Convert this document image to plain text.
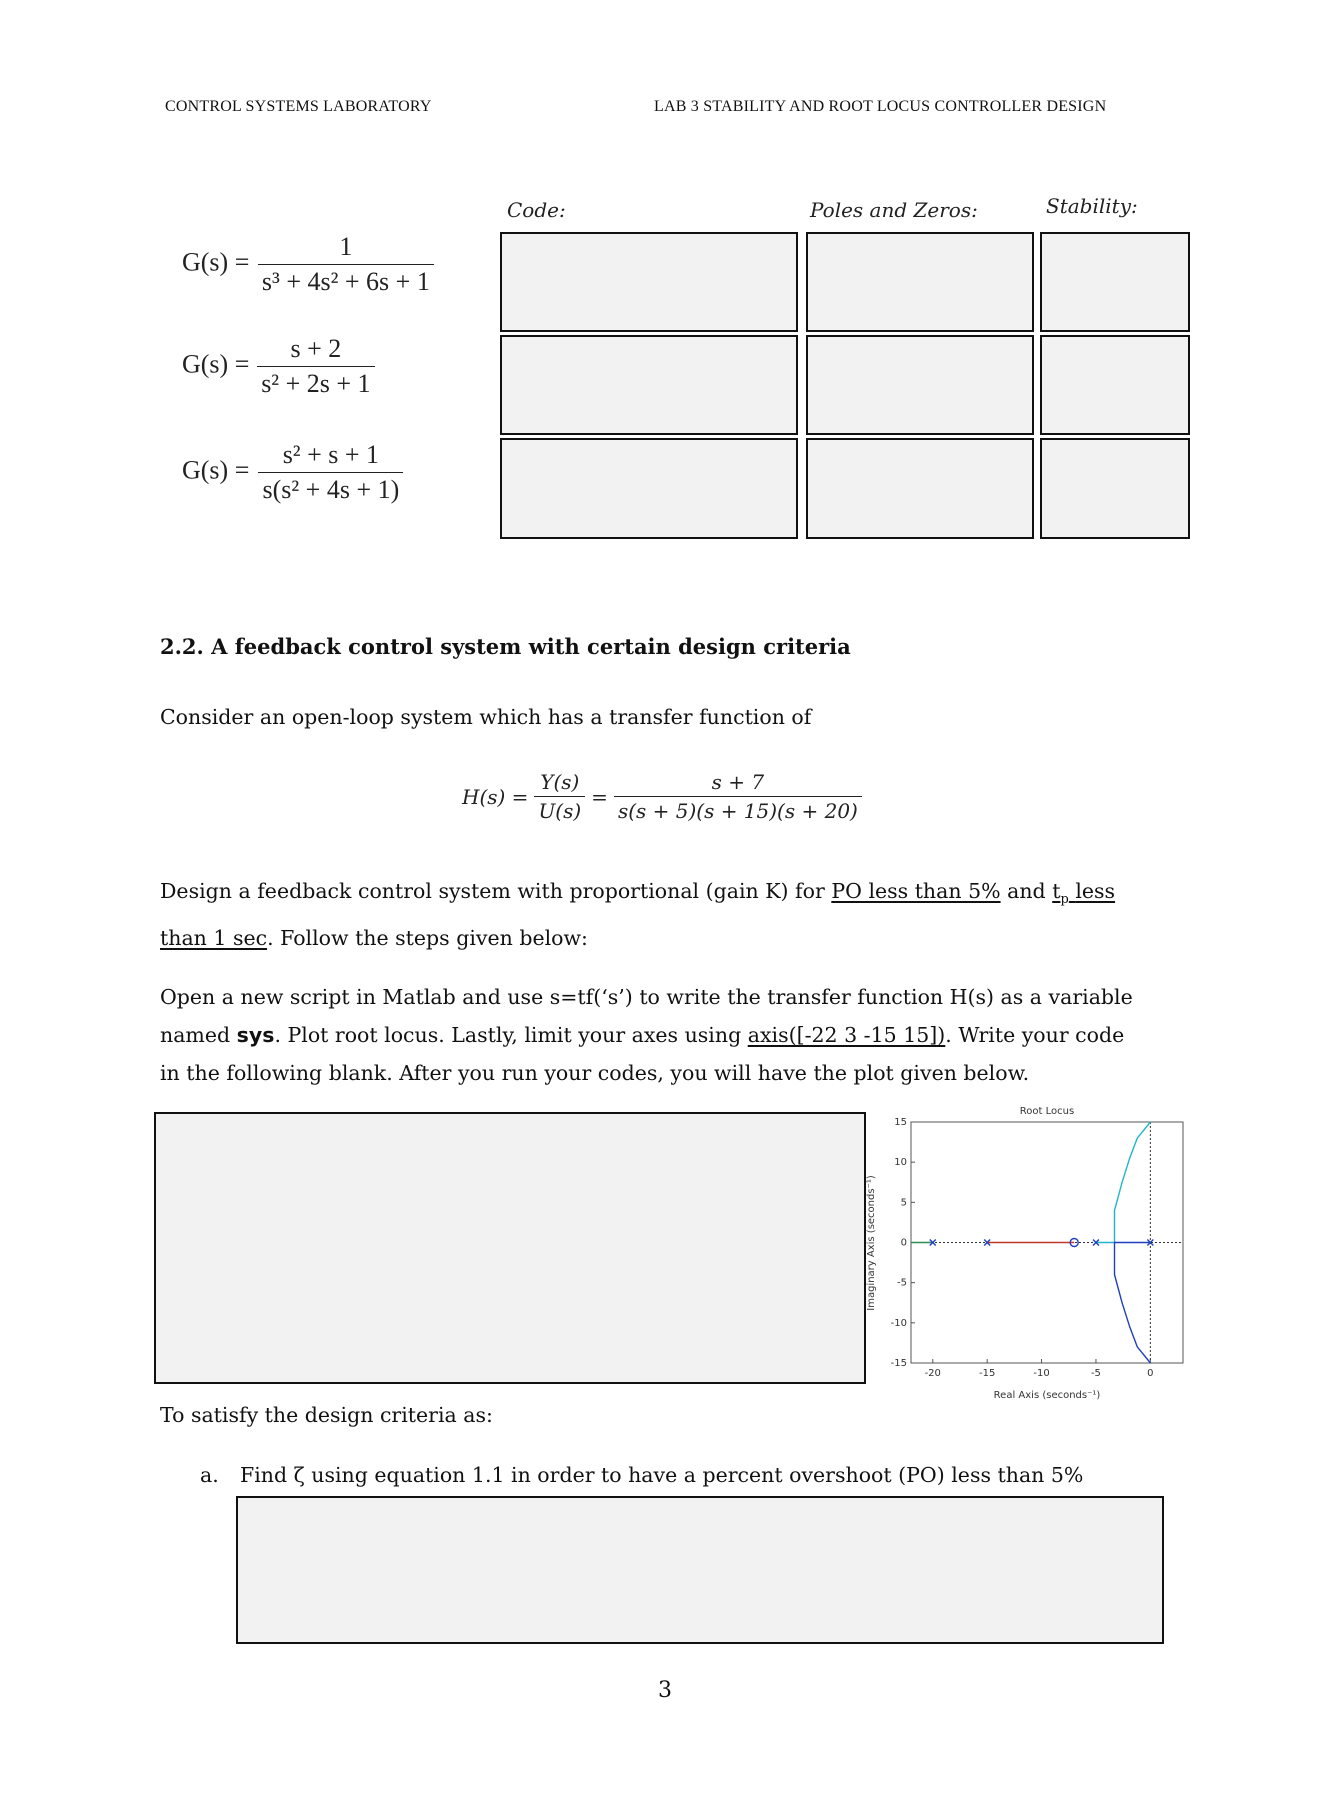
CONTROL SYSTEMS LABORATORY	LAB 3 STABILITY AND ROOT LOCUS CONTROLLER DESIGN
Code:	Poles and Zeros:	Stability:
$G(s) = \frac{1}{\text{s³ + 4s² + 6s + 1}}$
$G(s) = \frac{s + 2}{\text{s² + 2s + 1}}$
$G(s) = \frac{\text{s² + s + 1}}{\text{s(s² + 4s + 1)}}$
2.2. A feedback control system with certain design criteria
Consider an open-loop system which has a transfer function of
$H(s) = \frac{Y(s)}{U(s)} = \frac{s + 7}{s(s + 5)(s + 15)(s + 20)}$
Design a feedback control system with proportional (gain K) for PO less than 5% and $t_p$ less
than 1 sec. Follow the steps given below:
Open a new script in Matlab and use s=tf(‘s’) to write the transfer function H(s) as a variable
named sys. Plot root locus. Lastly, limit your axes using axis([-22 3 -15 15]). Write your code
in the following blank. After you run your codes, you will have the plot given below.
Root Locus
-20	-15	-10	-5	0
15
10
5
0
-5
-10
-15
Real Axis (seconds⁻¹)
Imaginary Axis (seconds⁻¹)
To satisfy the design criteria as:
a. Find ζ using equation 1.1 in order to have a percent overshoot (PO) less than 5%
3
